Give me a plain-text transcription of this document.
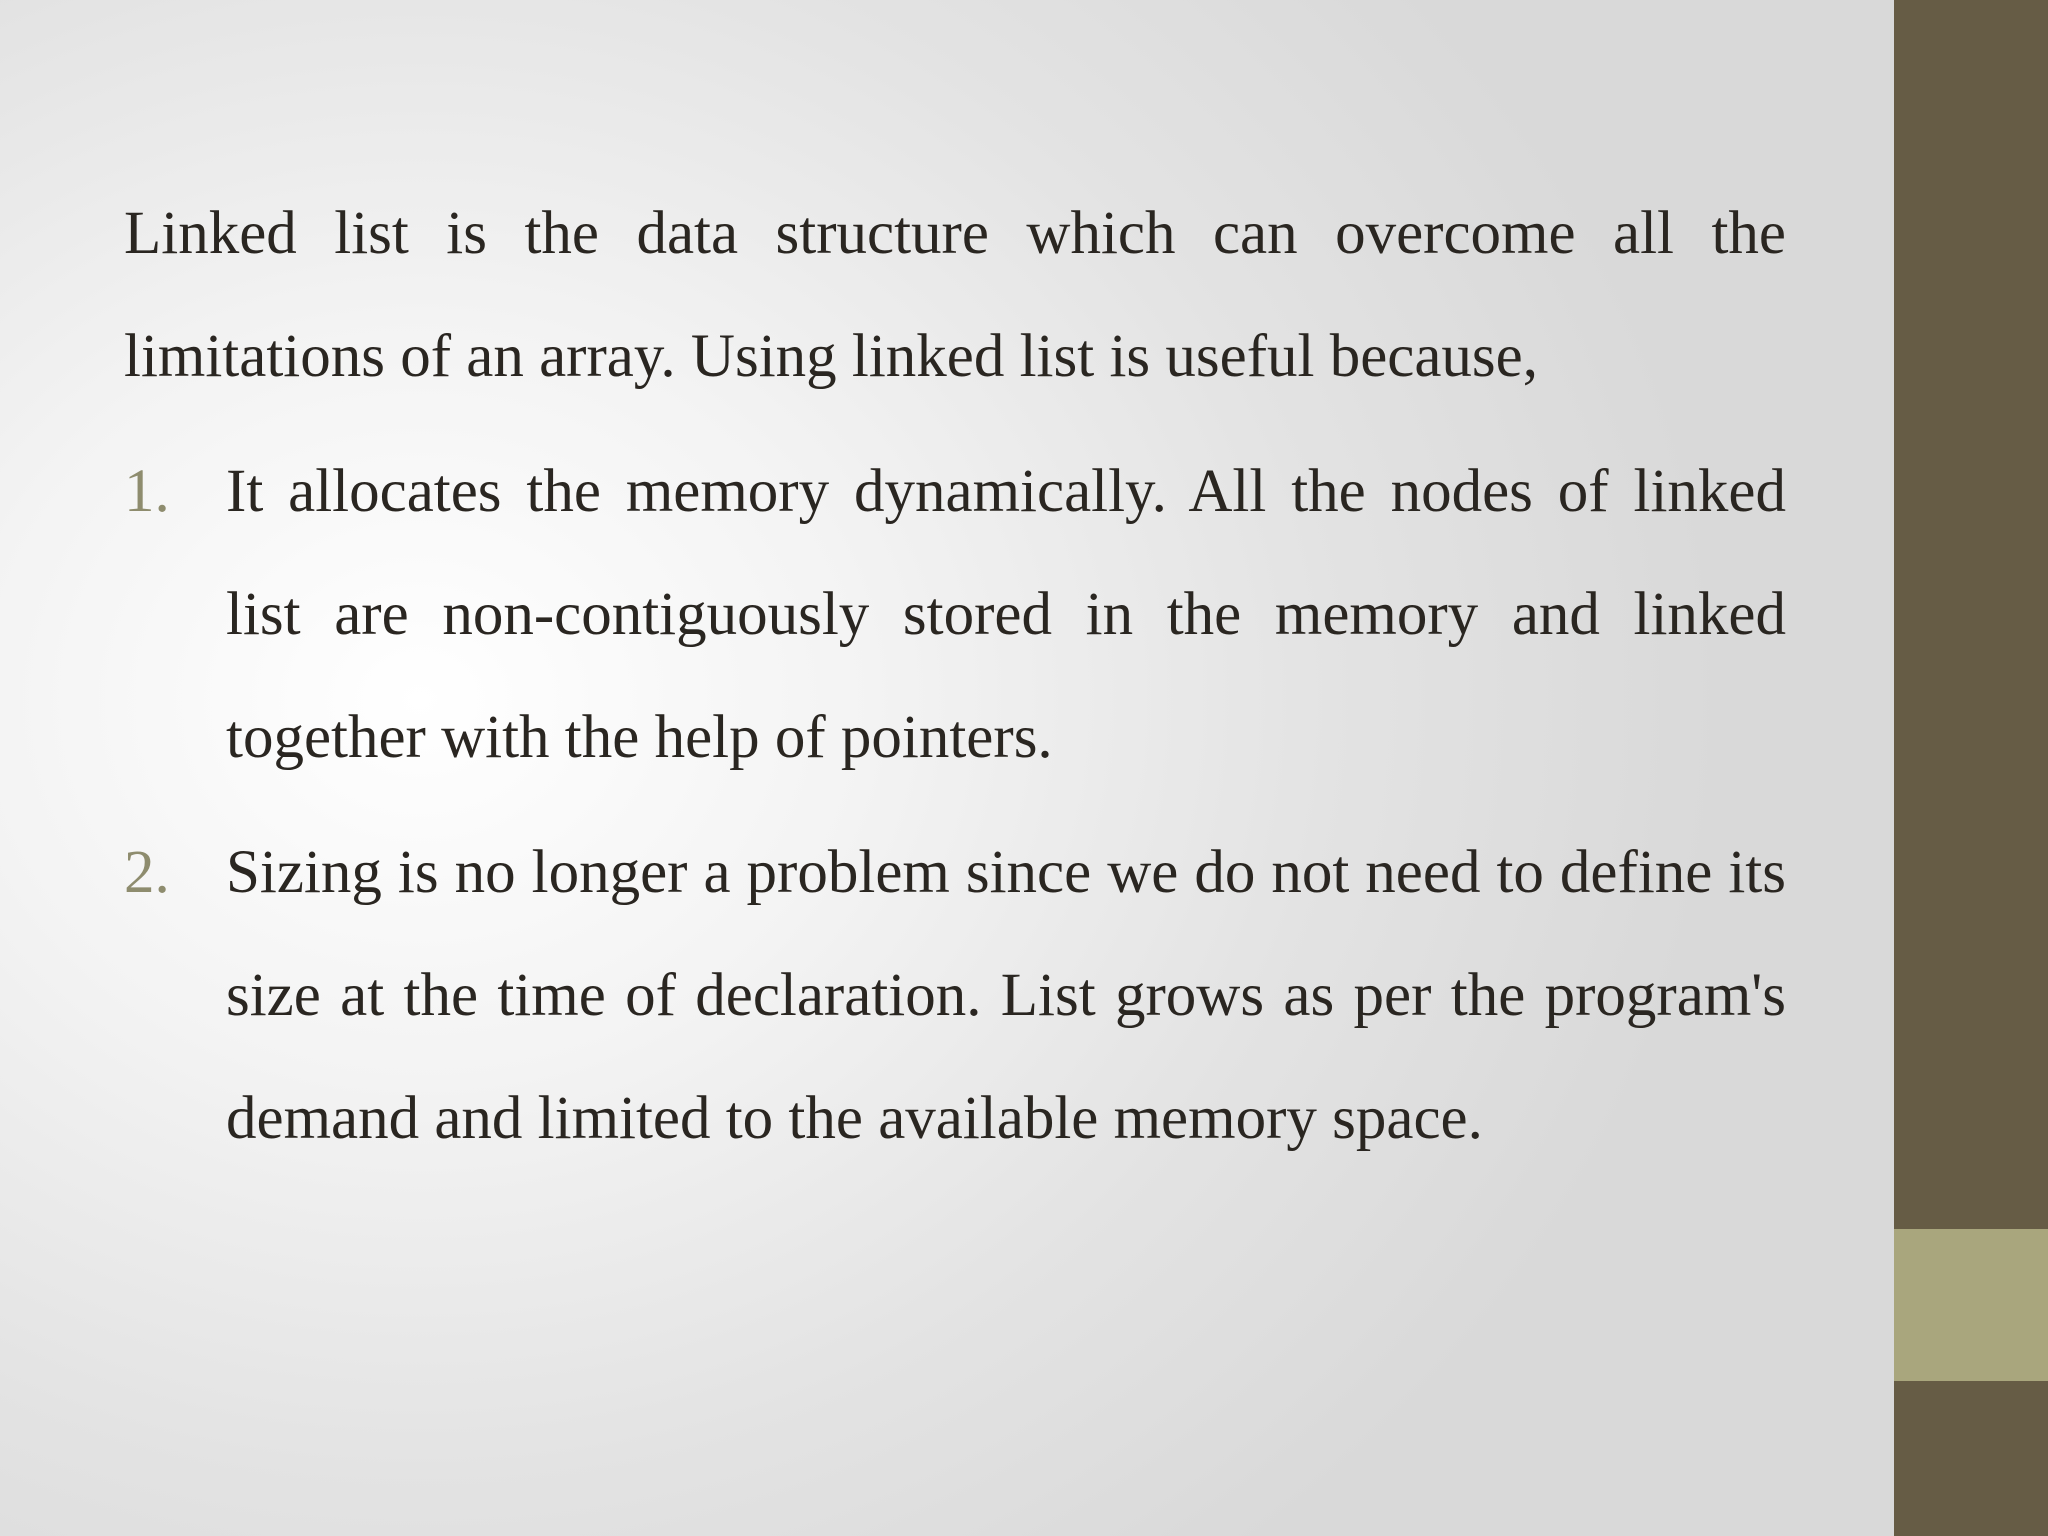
Linked list is the data structure which can overcome all the limitations of an array. Using linked list is useful because,

1. It allocates the memory dynamically. All the nodes of linked list are non-contiguously stored in the memory and linked together with the help of pointers.
2. Sizing is no longer a problem since we do not need to define its size at the time of declaration. List grows as per the program's demand and limited to the available memory space.
